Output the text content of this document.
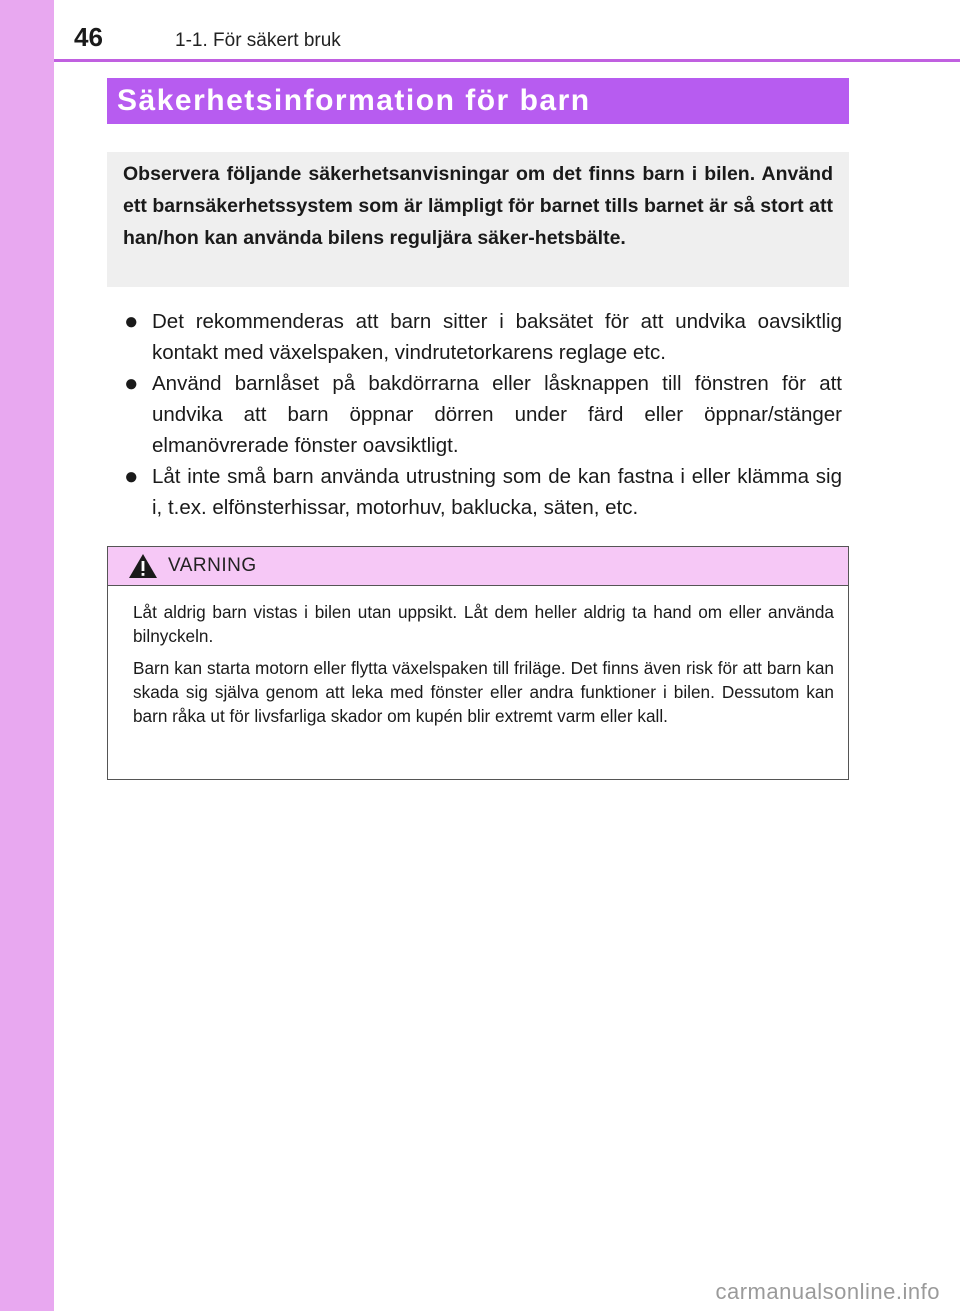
46	1-1. För säkert bruk
Säkerhetsinformation för barn

Observera följande säkerhetsanvisningar om det finns barn i bilen. Använd ett barnsäkerhetssystem som är lämpligt för barnet tills barnet är så stort att han/hon kan använda bilens reguljära säker-hetsbälte.

● Det rekommenderas att barn sitter i baksätet för att undvika oavsiktlig kontakt med växelspaken, vindrutetorkarens reglage etc.
● Använd barnlåset på bakdörrarna eller låsknappen till fönstren för att undvika att barn öppnar dörren under färd eller öppnar/stänger elmanövrerade fönster oavsiktligt.
● Låt inte små barn använda utrustning som de kan fastna i eller klämma sig i, t.ex. elfönsterhissar, motorhuv, baklucka, säten, etc.
VARNING

Låt aldrig barn vistas i bilen utan uppsikt. Låt dem heller aldrig ta hand om eller använda bilnyckeln.

Barn kan starta motorn eller flytta växelspaken till friläge. Det finns även risk för att barn kan skada sig själva genom att leka med fönster eller andra funktioner i bilen. Dessutom kan barn råka ut för livsfarliga skador om kupén blir extremt varm eller kall.

carmanualsonline.info
